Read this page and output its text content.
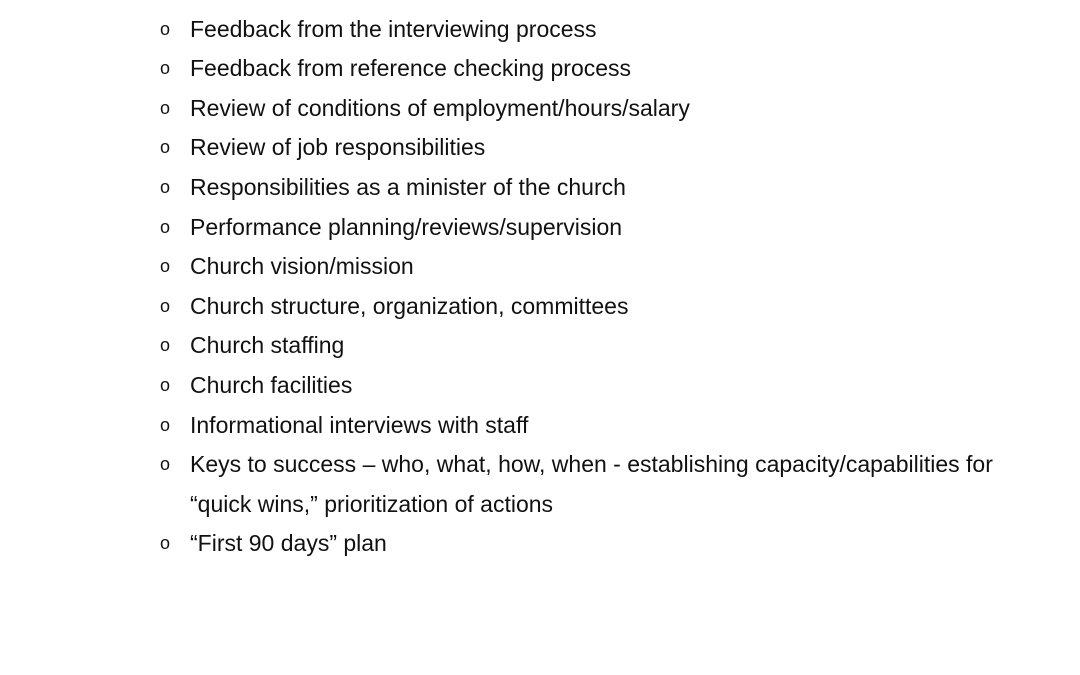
o Feedback from the interviewing process
o Feedback from reference checking process
o Review of conditions of employment/hours/salary
o Review of job responsibilities
o Responsibilities as a minister of the church
o Performance planning/reviews/supervision
o Church vision/mission
o Church structure, organization, committees
o Church staffing
o Church facilities
o Informational interviews with staff
o Keys to success – who, what, how, when - establishing capacity/capabilities for “quick wins,” prioritization of actions
o “First 90 days” plan
